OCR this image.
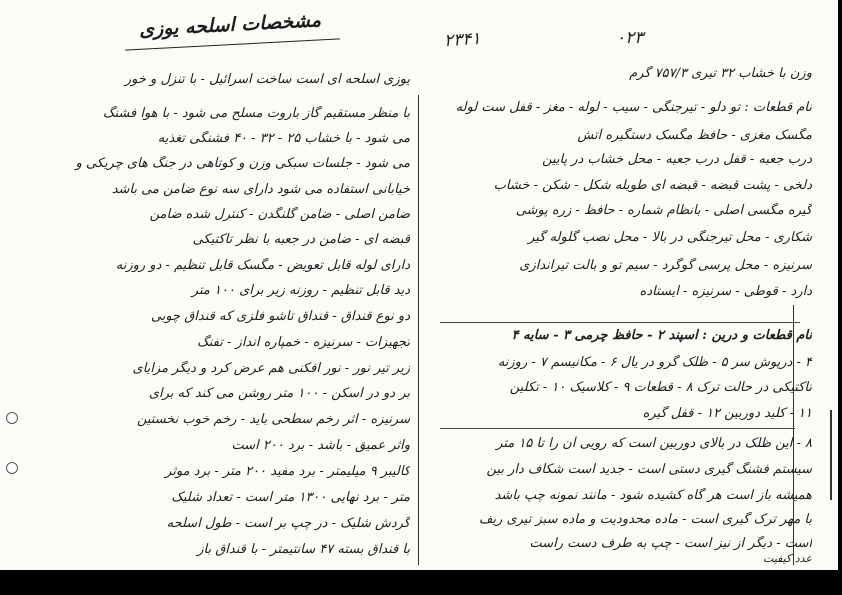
مشخصات اسلحه یوزی	۰۲۳
۲۳۴۱
وزن با خشاب ۳۲ تیری ۷۵۷/۳ گرم
نام قطعات : تو دلو - تیرجنگی - سیب - لوله - مغز - قفل ست لوله
مگسک مغزی - حافظ مگسک دستگیره آتش
درب جعبه - قفل درب جعبه - محل خشاب در پایین
دلخی - پشت قبضه - قبضه ای طویله شکل - شکن - خشاب
گیره مگسی اصلی - بانظام شماره - حافظ - زره پوشی
شکاری - محل تیرجنگی در بالا - محل نصب گلوله گیر
سرنیزه - محل پرسی گوگرد - سیم تو و بالت تیراندازی
دارد - قوطی - سرنیزه - ایستاده
نام قطعات و درین : اسپند ۲ - حافظ چرمی ۳ - سایه ۴
۴ - درپوش سر ۵ - ظلک گرو در یال ۶ - مکانیسم ۷ - روزنه
تاکتیکی در حالت ترک ۸ - قطعات ۹ - کلاسیک ۱۰ - تکلین
۱۱ - کلید دوربین ۱۲ - قفل گیره
۸ - این ظلک در بالای دوربین است که رویی آن را تا ۱۵ متر
سیستم فشنگ گیری دستی است - جدید است شکاف دار بین
همیشه باز است هر گاه کشیده شود - مانند نمونه چپ باشد
با مهر ترک گیری است - ماده محدودیت و ماده سبز تیری ریف
است - دیگر از نیز است - چپ به طرف دست راست
عدد کیفیت
یوزی اسلحه ای است ساخت اسرائیل - با تنزل و خور
با منظر مستقیم گاز باروت مسلح می شود - با هوا فشنگ
می شود - با خشاب ۲۵ - ۳۲ - ۴۰ فشنگی تغذیه
می شود - جلسات سبکی وزن و کوتاهی در جنگ های چریکی و
خیابانی استفاده می شود دارای سه نوع ضامن می باشد
ضامن اصلی - ضامن گلنگدن - کنترل شده ضامن
قبضه ای - ضامن در جعبه با نظر تاکتیکی
دارای لوله قابل تعویض - مگسک قابل تنظیم - دو روزنه
دید قابل تنظیم - روزنه زیر برای ۱۰۰ متر
دو نوع قنداق - قنداق تاشو فلزی که قنداق چوبی
تجهیزات - سرنیزه - خمپاره انداز - تفنگ
زیر تیر نور - نور افکنی هم عرض کرد و دیگر مزایای
بر دو در اسکن - ۱۰۰ متر روشن می کند که برای
سرنیزه - اثر رخم سطحی باید - رخم خوب نخستین
واثر عمیق - باشد - برد ۲۰۰ است
کالیبر ۹ میلیمتر - برد مفید ۲۰۰ متر - برد موثر
متر - برد نهایی ۱۳۰۰ متر است - تعداد شلیک
گردش شلیک - در چپ بر است - طول اسلحه
با قنداق بسته ۴۷ سانتیمتر - با قنداق باز
